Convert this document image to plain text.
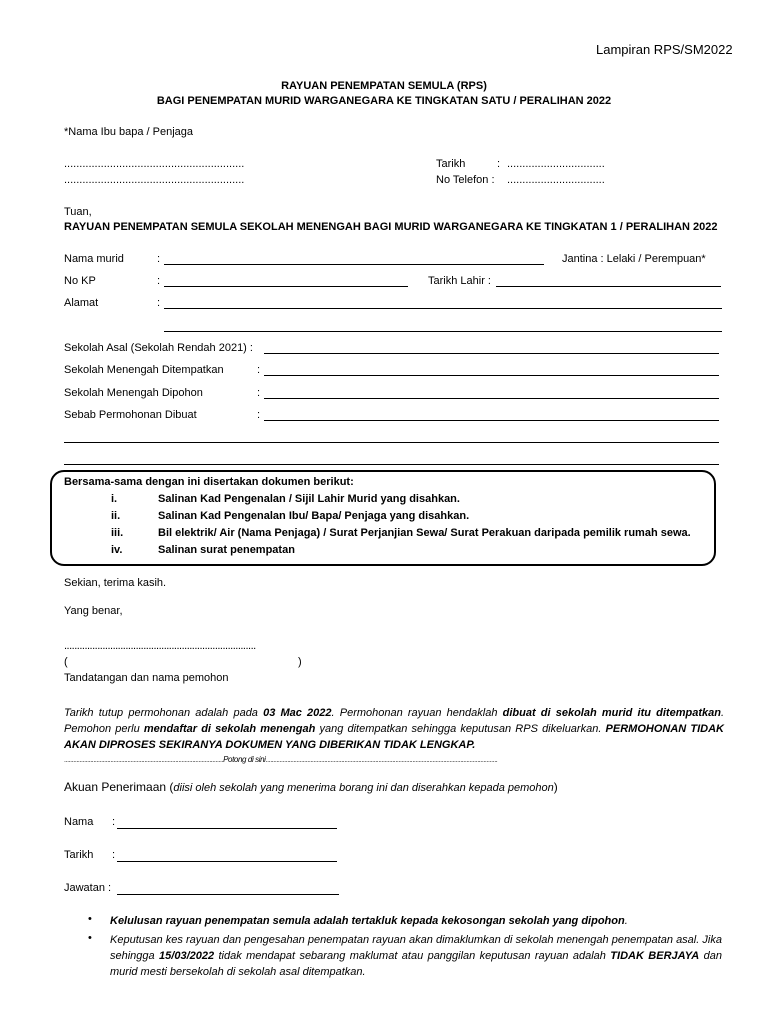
Lampiran RPS/SM2022
RAYUAN PENEMPATAN SEMULA (RPS)
BAGI PENEMPATAN MURID WARGANEGARA KE TINGKATAN SATU / PERALIHAN 2022
*Nama Ibu bapa / Penjaga
...........................................................
...........................................................
Tarikh	: ................................
No Telefon : ................................
Tuan,
RAYUAN PENEMPATAN SEMULA SEKOLAH MENENGAH BAGI MURID WARGANEGARA KE TINGKATAN 1 / PERALIHAN 2022
Nama murid	:	Jantina : Lelaki / Perempuan*
No KP	:	Tarikh Lahir :
Alamat	:
Sekolah Asal (Sekolah Rendah 2021) :
Sekolah Menengah Ditempatkan	:
Sekolah Menengah Dipohon	:
Sebab Permohonan Dibuat	:
Bersama-sama dengan ini disertakan dokumen berikut:
i.	Salinan Kad Pengenalan / Sijil Lahir Murid yang disahkan.
ii.	Salinan Kad Pengenalan Ibu/ Bapa/ Penjaga yang disahkan.
iii.	Bil elektrik/ Air (Nama Penjaga) / Surat Perjanjian Sewa/ Surat Perakuan daripada pemilik rumah sewa.
iv.	Salinan surat penempatan
Sekian, terima kasih.
Yang benar,
...........................................................................
(	)
Tandatangan dan nama pemohon
Tarikh tutup permohonan adalah pada 03 Mac 2022. Permohonan rayuan hendaklah dibuat di sekolah murid itu ditempatkan. Pemohon perlu mendaftar di sekolah menengah yang ditempatkan sehingga keputusan RPS dikeluarkan. PERMOHONAN TIDAK AKAN DIPROSES SEKIRANYA DOKUMEN YANG DIBERIKAN TIDAK LENGKAP.
.......................................................................................................Potong di sini......................................................................................................................................................
Akuan Penerimaan (diisi oleh sekolah yang menerima borang ini dan diserahkan kepada pemohon)
Nama :
Tarikh :
Jawatan :
• Kelulusan rayuan penempatan semula adalah tertakluk kepada kekosongan sekolah yang dipohon.
• Keputusan kes rayuan dan pengesahan penempatan rayuan akan dimaklumkan di sekolah menengah penempatan asal. Jika sehingga 15/03/2022 tidak mendapat sebarang maklumat atau panggilan keputusan rayuan adalah TIDAK BERJAYA dan murid mesti bersekolah di sekolah asal ditempatkan.
